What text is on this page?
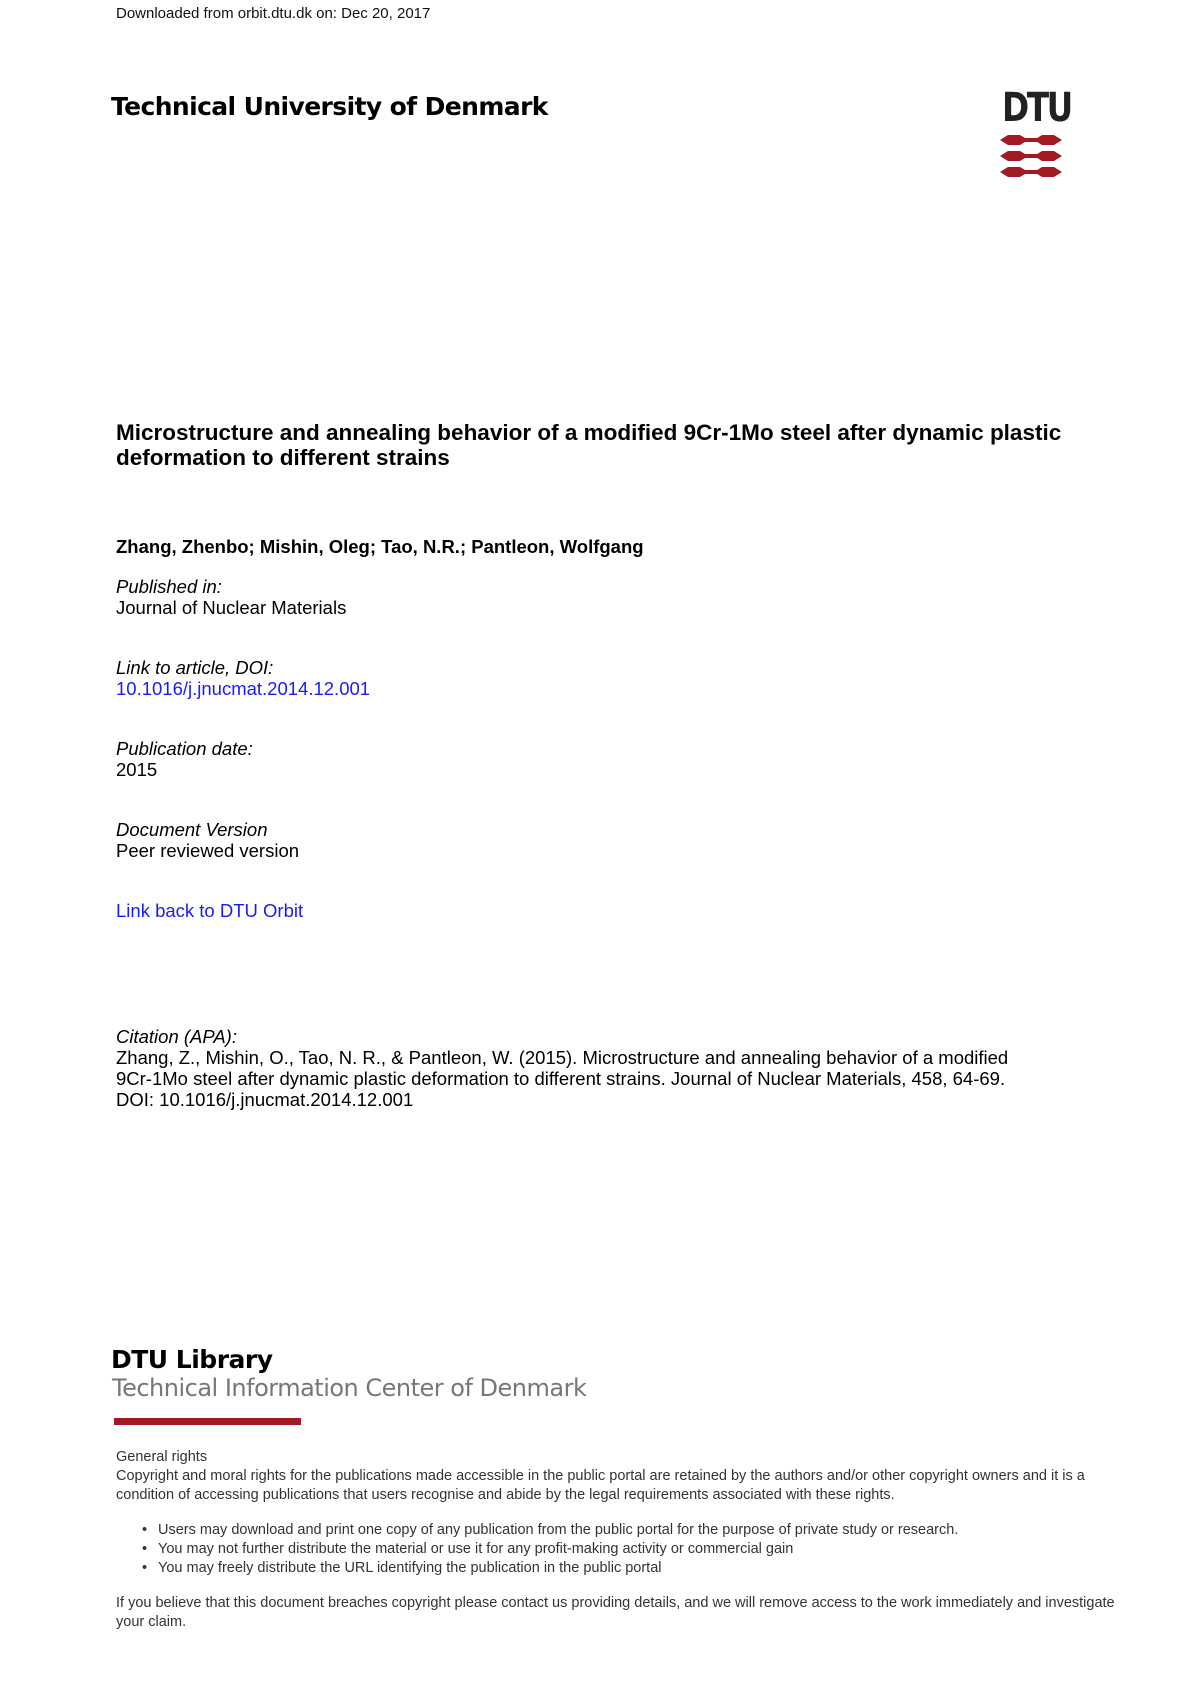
Downloaded from orbit.dtu.dk on: Dec 20, 2017
Technical University of Denmark	DTU
Microstructure and annealing behavior of a modified 9Cr-1Mo steel after dynamic plastic deformation to different strains
Zhang, Zhenbo; Mishin, Oleg; Tao, N.R.; Pantleon, Wolfgang
Published in:
Journal of Nuclear Materials
Link to article, DOI:
10.1016/j.jnucmat.2014.12.001
Publication date:
2015
Document Version
Peer reviewed version
Link back to DTU Orbit
Citation (APA):
Zhang, Z., Mishin, O., Tao, N. R., & Pantleon, W. (2015). Microstructure and annealing behavior of a modified
9Cr-1Mo steel after dynamic plastic deformation to different strains. Journal of Nuclear Materials, 458, 64-69.
DOI: 10.1016/j.jnucmat.2014.12.001
DTU Library
Technical Information Center of Denmark

General rights

Copyright and moral rights for the publications made accessible in the public portal are retained by the authors and/or other copyright owners and it is a condition of accessing publications that users recognise and abide by the legal requirements associated with these rights.

• Users may download and print one copy of any publication from the public portal for the purpose of private study or research.
• You may not further distribute the material or use it for any profit-making activity or commercial gain
• You may freely distribute the URL identifying the publication in the public portal

If you believe that this document breaches copyright please contact us providing details, and we will remove access to the work immediately and investigate your claim.
